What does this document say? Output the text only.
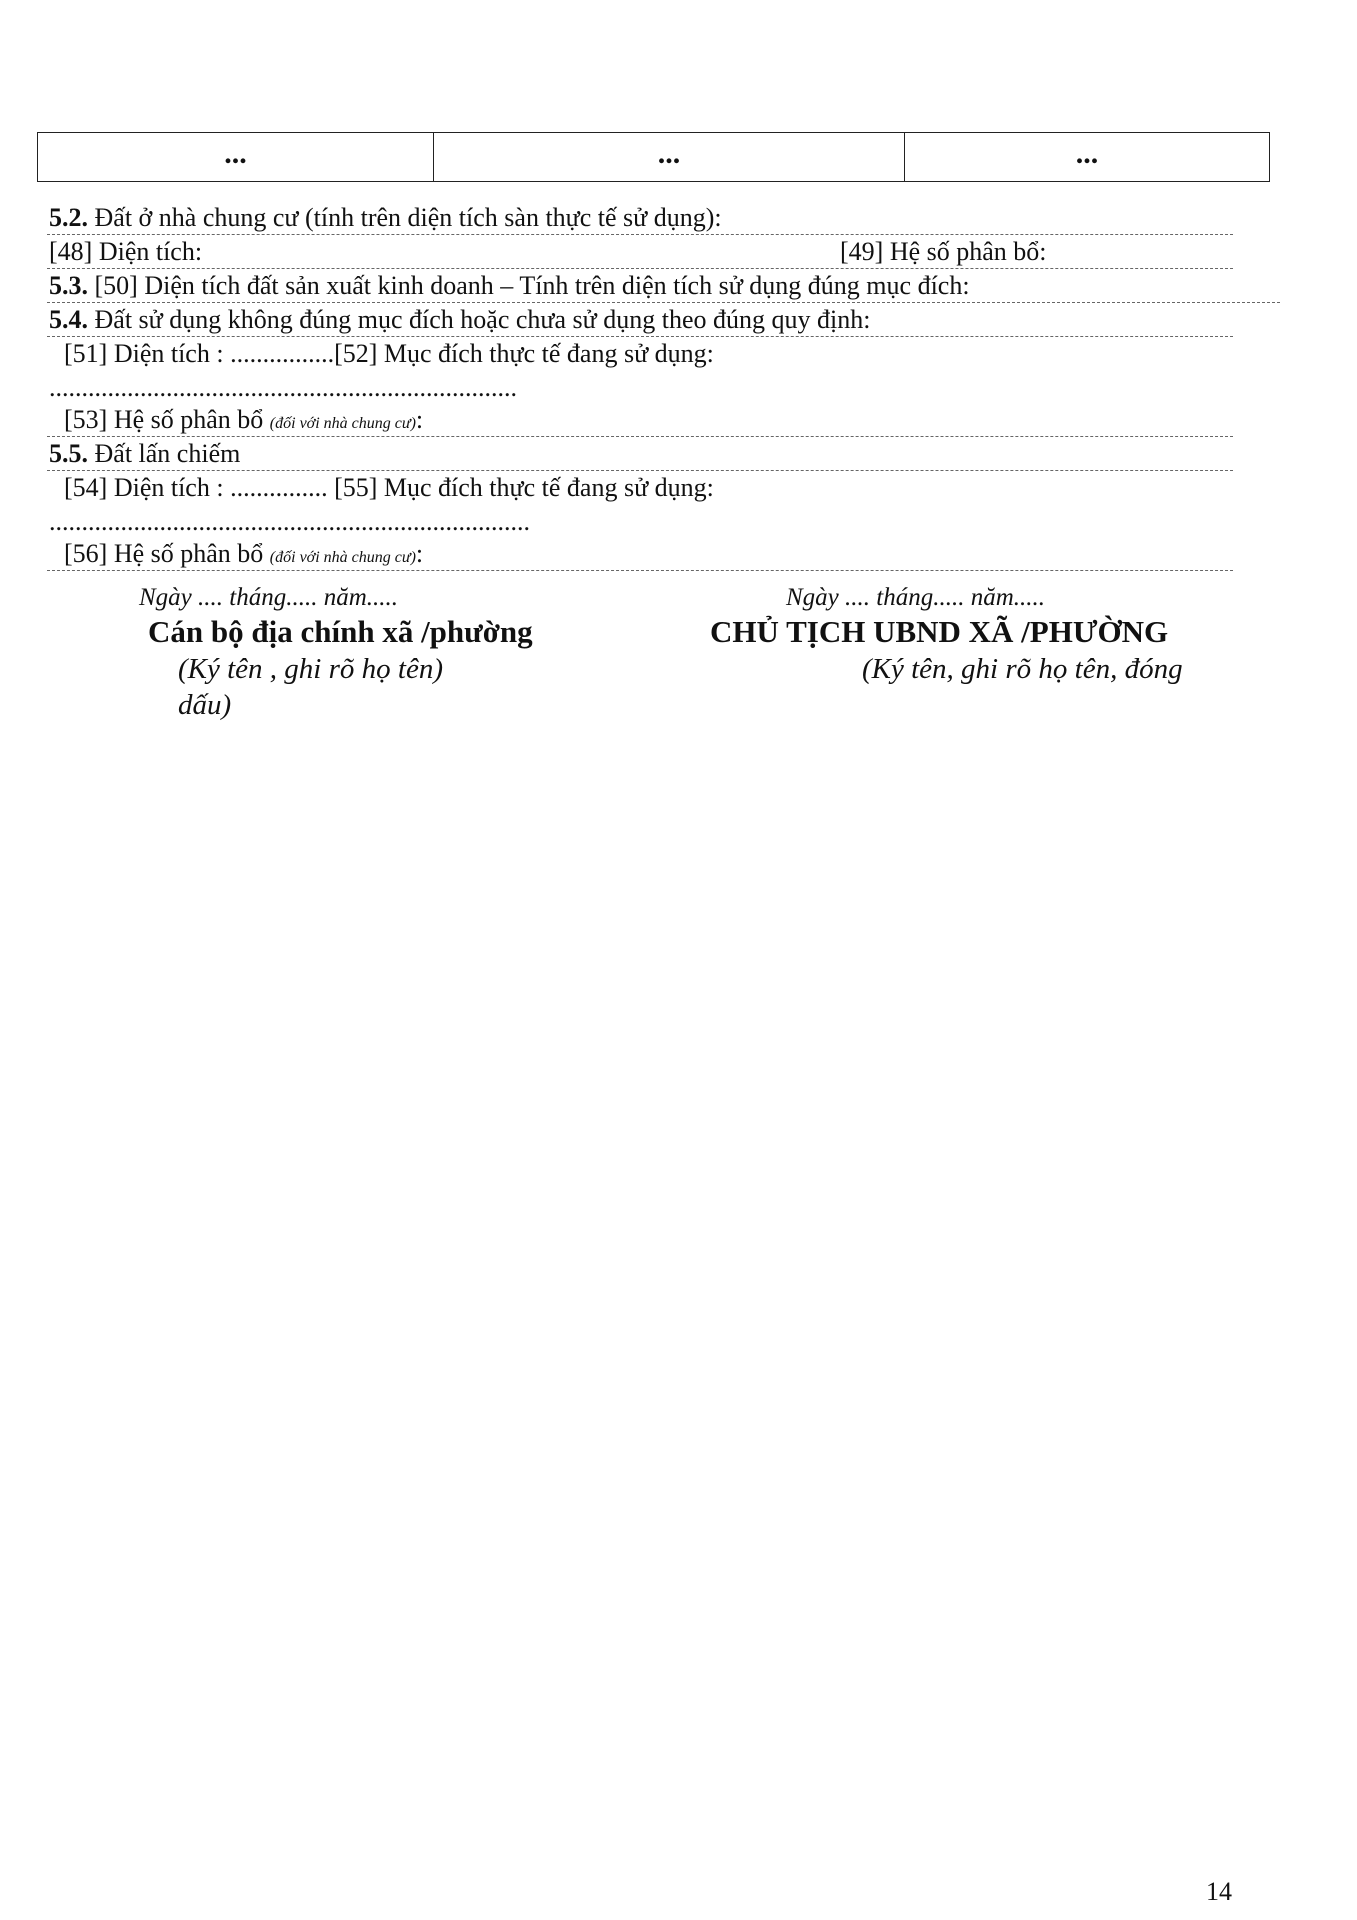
...	...	...
5.2. Đất ở nhà chung cư (tính trên diện tích sàn thực tế sử dụng):
[48] Diện tích:	[49] Hệ số phân bổ:
5.3. [50] Diện tích đất sản xuất kinh doanh – Tính trên diện tích sử dụng đúng mục đích:
5.4. Đất sử dụng không đúng mục đích hoặc chưa sử dụng theo đúng quy định:
[51] Diện tích : ................[52] Mục đích thực tế đang sử dụng:
........................................................................
[53] Hệ số phân bổ (đối với nhà chung cư):
5.5. Đất lấn chiếm
[54] Diện tích : ............... [55] Mục đích thực tế đang sử dụng:
..........................................................................
[56] Hệ số phân bổ (đối với nhà chung cư):
Ngày .... tháng..... năm.....
Cán bộ địa chính xã /phường
(Ký tên , ghi rõ họ tên)
dấu)
Ngày .... tháng..... năm.....
CHỦ TỊCH UBND XÃ /PHƯỜNG
(Ký tên, ghi rõ họ tên, đóng
14
